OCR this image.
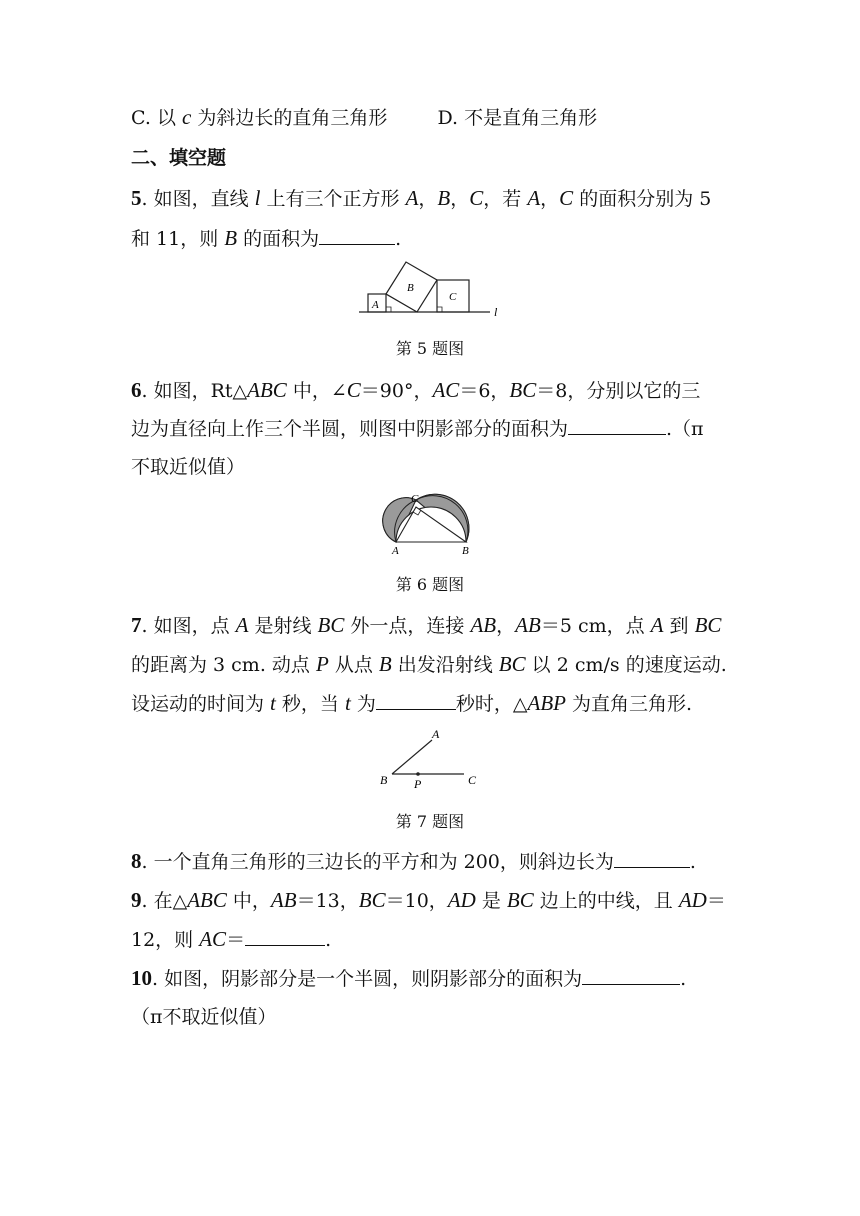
C. 以 c 为斜边长的直角三角形	D. 不是直角三角形
二、填空题
5. 如图，直线 l 上有三个正方形 A，B，C，若 A，C 的面积分别为 5
和 11，则 B 的面积为	.
A
B
C
l
第 5 题图
6. 如图，Rt△ABC 中，∠C＝90°，AC＝6，BC＝8，分别以它的三
边为直径向上作三个半圆，则图中阴影部分的面积为	.（π
不取近似值）
A	B
C
第 6 题图
7. 如图，点 A 是射线 BC 外一点，连接 AB，AB＝5 cm，点 A 到 BC
的距离为 3 cm. 动点 P 从点 B 出发沿射线 BC 以 2 cm/s 的速度运动.
设运动的时间为 t 秒，当 t 为	秒时，△ABP 为直角三角形.
A
B	C
P
第 7 题图
8. 一个直角三角形的三边长的平方和为 200，则斜边长为	.
9. 在△ABC 中，AB＝13，BC＝10，AD 是 BC 边上的中线，且 AD＝
12，则 AC＝	.
10. 如图，阴影部分是一个半圆，则阴影部分的面积为	.
（π不取近似值）
